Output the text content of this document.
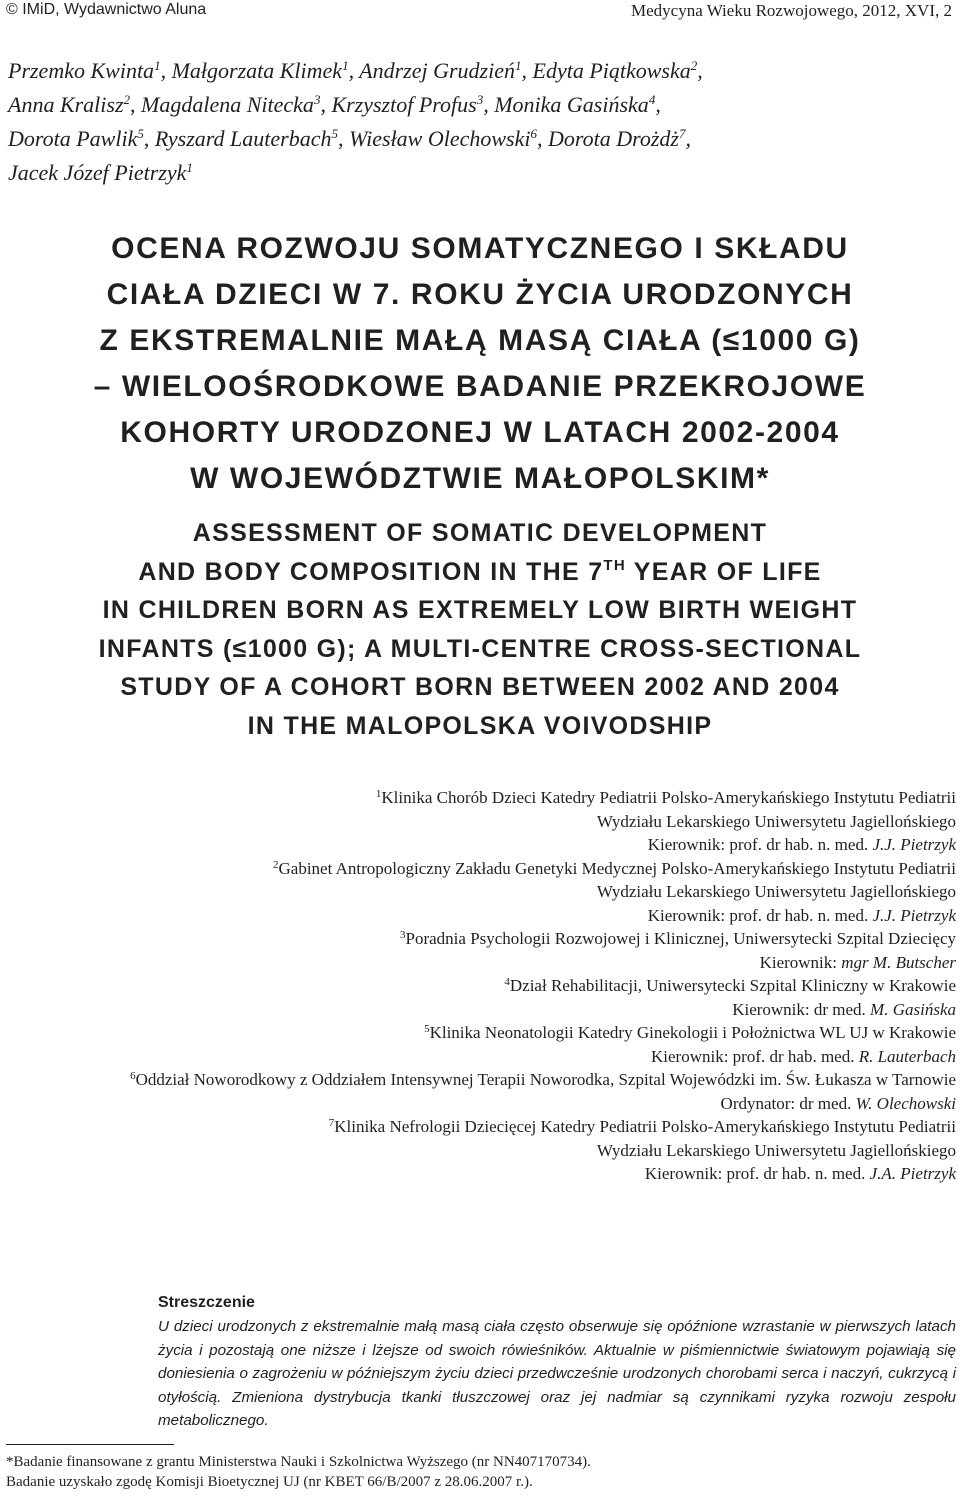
© IMiD, Wydawnictwo Aluna	Medycyna Wieku Rozwojowego, 2012, XVI, 2
Przemko Kwinta$^1$, Małgorzata Klimek$^1$, Andrzej Grudzień$^1$, Edyta Piątkowska$^2$,
Anna Kralisz$^2$, Magdalena Nitecka$^3$, Krzysztof Profus$^3$, Monika Gasińska$^4$,
Dorota Pawlik$^5$, Ryszard Lauterbach$^5$, Wiesław Olechowski$^6$, Dorota Drożdż$^7$,
Jacek Józef Pietrzyk$^1$
OCENA ROZWOJU SOMATYCZNEGO I SKŁADU
CIAŁA DZIECI W 7. ROKU ŻYCIA URODZONYCH
Z EKSTREMALNIE MAŁĄ MASĄ CIAŁA (≤1000 G)
– WIELOOŚRODKOWE BADANIE PRZEKROJOWE
KOHORTY URODZONEJ W LATACH 2002-2004
W WOJEWÓDZTWIE MAŁOPOLSKIM*
ASSESSMENT OF SOMATIC DEVELOPMENT
AND BODY COMPOSITION IN THE 7TH YEAR OF LIFE
IN CHILDREN BORN AS EXTREMELY LOW BIRTH WEIGHT
INFANTS (≤1000 G); A MULTI-CENTRE CROSS-SECTIONAL
STUDY OF A COHORT BORN BETWEEN 2002 AND 2004
IN THE MALOPOLSKA VOIVODSHIP
$^1$Klinika Chorób Dzieci Katedry Pediatrii Polsko-Amerykańskiego Instytutu Pediatrii
Wydziału Lekarskiego Uniwersytetu Jagiellońskiego
Kierownik: prof. dr hab. n. med. J.J. Pietrzyk
$^2$Gabinet Antropologiczny Zakładu Genetyki Medycznej Polsko-Amerykańskiego Instytutu Pediatrii
Wydziału Lekarskiego Uniwersytetu Jagiellońskiego
Kierownik: prof. dr hab. n. med. J.J. Pietrzyk
$^3$Poradnia Psychologii Rozwojowej i Klinicznej, Uniwersytecki Szpital Dziecięcy
Kierownik: mgr M. Butscher
$^4$Dział Rehabilitacji, Uniwersytecki Szpital Kliniczny w Krakowie
Kierownik: dr med. M. Gasińska
$^5$Klinika Neonatologii Katedry Ginekologii i Położnictwa WL UJ w Krakowie
Kierownik: prof. dr hab. med. R. Lauterbach
$^6$Oddział Noworodkowy z Oddziałem Intensywnej Terapii Noworodka, Szpital Wojewódzki im. Św. Łukasza w Tarnowie
Ordynator: dr med. W. Olechowski
$^7$Klinika Nefrologii Dziecięcej Katedry Pediatrii Polsko-Amerykańskiego Instytutu Pediatrii
Wydziału Lekarskiego Uniwersytetu Jagiellońskiego
Kierownik: prof. dr hab. n. med. J.A. Pietrzyk
Streszczenie
U dzieci urodzonych z ekstremalnie małą masą ciała często obserwuje się opóźnione wzrastanie w pierwszych latach życia i pozostają one niższe i lżejsze od swoich rówieśników. Aktualnie w piśmiennictwie światowym pojawiają się doniesienia o zagrożeniu w późniejszym życiu dzieci przedwcześnie urodzonych chorobami serca i naczyń, cukrzycą i otyłością. Zmieniona dystrybucja tkanki tłuszczowej oraz jej nadmiar są czynnikami ryzyka rozwoju zespołu metabolicznego.
*Badanie finansowane z grantu Ministerstwa Nauki i Szkolnictwa Wyższego (nr NN407170734).
Badanie uzyskało zgodę Komisji Bioetycznej UJ (nr KBET 66/B/2007 z 28.06.2007 r.).
